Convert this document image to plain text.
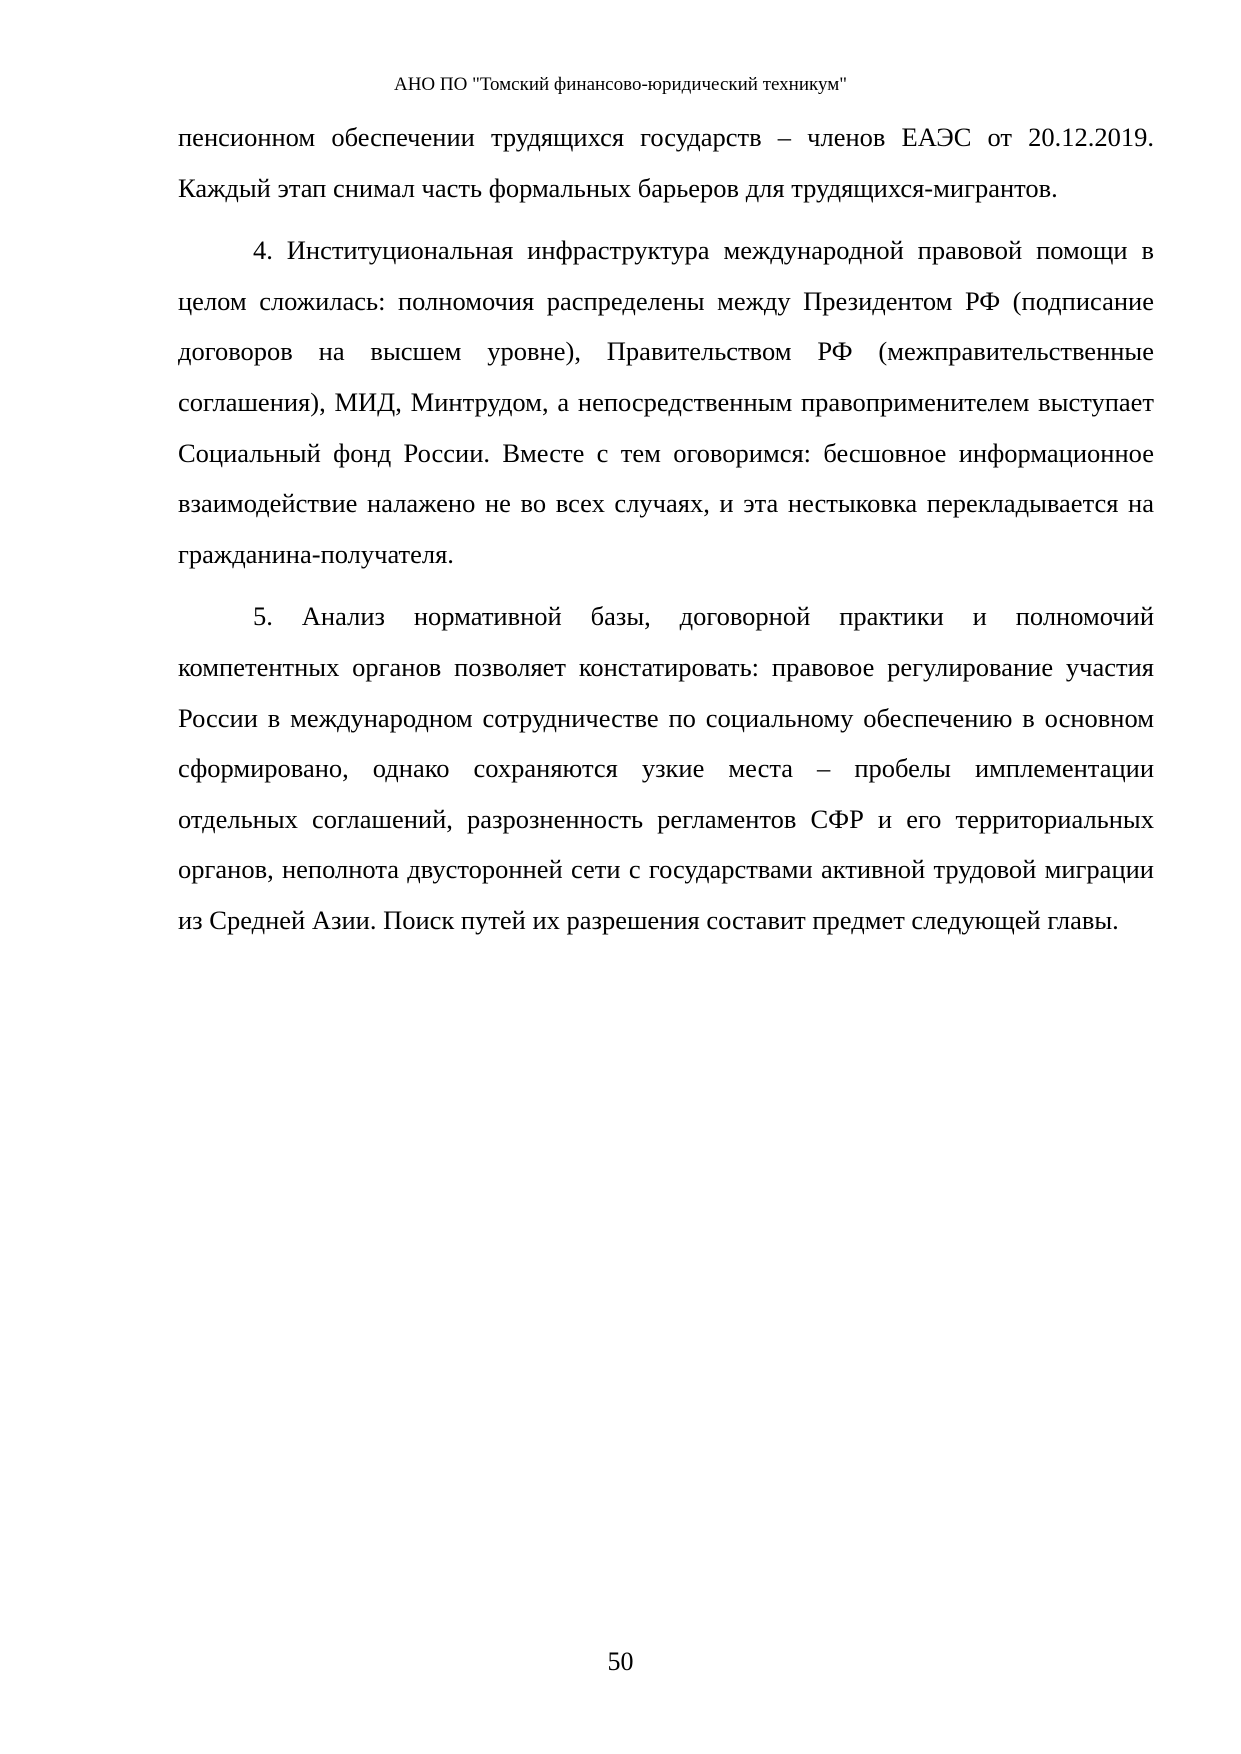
АНО ПО "Томский финансово-юридический техникум"

пенсионном обеспечении трудящихся государств – членов ЕАЭС от 20.12.2019. Каждый этап снимал часть формальных барьеров для трудящихся-мигрантов.

4. Институциональная инфраструктура международной правовой помощи в целом сложилась: полномочия распределены между Президентом РФ (подписание договоров на высшем уровне), Правительством РФ (межправительственные соглашения), МИД, Минтрудом, а непосредственным правоприменителем выступает Социальный фонд России. Вместе с тем оговоримся: бесшовное информационное взаимодействие налажено не во всех случаях, и эта нестыковка перекладывается на гражданина-получателя.

5. Анализ нормативной базы, договорной практики и полномочий компетентных органов позволяет констатировать: правовое регулирование участия России в международном сотрудничестве по социальному обеспечению в основном сформировано, однако сохраняются узкие места – пробелы имплементации отдельных соглашений, разрозненность регламентов СФР и его территориальных органов, неполнота двусторонней сети с государствами активной трудовой миграции из Средней Азии. Поиск путей их разрешения составит предмет следующей главы.

50
